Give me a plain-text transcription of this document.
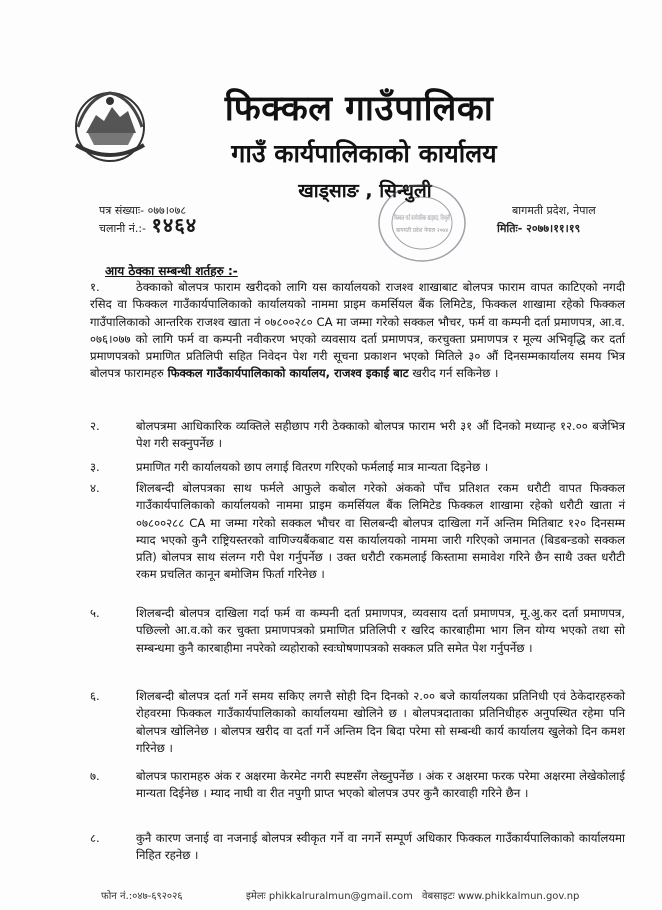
फिक्कल गाउँपालिका
गाउँ कार्यपालिकाको कार्यालय
खाड्साङ , सिन्धुली
पत्र संख्याः- ०७७।०७८
चलानी नं.:- १४६४
बागमती प्रदेश, नेपाल
मितिः- २०७७।११।१९
फिक्कल गाउँ कार्यपालिका खाड्साङ, सिन्धुली
बागमती प्रदेश नेपाल २०७४
आय ठेक्का सम्बन्धी शर्तहरु :-
१.	ठेक्काको बोलपत्र फाराम खरीदको लागि यस कार्यालयको राजश्व शाखाबाट बोलपत्र फाराम वापत काटिएको नगदी रसिद वा फिक्कल गाउँकार्यपालिकाको कार्यालयको नाममा प्राइम कमर्सियल बैंक लिमिटेड, फिक्कल शाखामा रहेको फिक्कल गाउँपालिकाको आन्तरिक राजश्व खाता नं ०७८००२८० CA मा जम्मा गरेको सक्कल भौचर, फर्म वा कम्पनी दर्ता प्रमाणपत्र, आ.व. ०७६।०७७ को लागि फर्म वा कम्पनी नवीकरण भएको व्यवसाय दर्ता प्रमाणपत्र, करचुक्ता प्रमाणपत्र र मूल्य अभिवृद्धि कर दर्ता प्रमाणपत्रको प्रमाणित प्रतिलिपी सहित निवेदन पेश गरी सूचना प्रकाशन भएको मितिले ३० औं दिनसम्मकार्यालय समय भित्र बोलपत्र फारामहरु फिक्कल गाउँकार्यपालिकाको कार्यालय, राजश्व इकाई बाट खरीद गर्न सकिनेछ ।
२.	बोलपत्रमा आधिकारिक व्यक्तिले सहीछाप गरी ठेक्काको बोलपत्र फाराम भरी ३१ औं दिनको मध्यान्ह १२.०० बजेभित्र पेश गरी सक्नुपर्नेछ ।
३.	प्रमाणित गरी कार्यालयको छाप लगाई वितरण गरिएको फर्मलाई मात्र मान्यता दिइनेछ ।
४.	शिलबन्दी बोलपत्रका साथ फर्मले आफुले कबोल गरेको अंकको पाँच प्रतिशत रकम धरौटी वापत फिक्कल गाउँकार्यपालिकाको कार्यालयको नाममा प्राइम कमर्सियल बैंक लिमिटेड फिक्कल शाखामा रहेको धरौटी खाता नं ०७८००२८८ CA मा जम्मा गरेको सक्कल भौचर वा सिलबन्दी बोलपत्र दाखिला गर्ने अन्तिम मितिबाट १२० दिनसम्म म्याद भएको कुनै राष्ट्रियस्तरको वाणिज्यबैंकबाट यस कार्यालयको नाममा जारी गरिएको जमानत (बिडबन्डको सक्कल प्रति) बोलपत्र साथ संलग्न गरी पेश गर्नुपर्नेछ । उक्त धरौटी रकमलाई किस्तामा समावेश गरिने छैन साथै उक्त धरौटी रकम प्रचलित कानून बमोजिम फिर्ता गरिनेछ ।
५.	शिलबन्दी बोलपत्र दाखिला गर्दा फर्म वा कम्पनी दर्ता प्रमाणपत्र, व्यवसाय दर्ता प्रमाणपत्र, मू.अु.कर दर्ता प्रमाणपत्र, पछिल्लो आ.व.को कर चुक्ता प्रमाणपत्रको प्रमाणित प्रतिलिपी र खरिद कारबाहीमा भाग लिन योग्य भएको तथा सो सम्बन्धमा कुनै कारबाहीमा नपरेको व्यहोराको स्वःघोषणापत्रको सक्कल प्रति समेत पेश गर्नुपर्नेछ ।
६.	शिलबन्दी बोलपत्र दर्ता गर्ने समय सकिए लगत्तै सोही दिन दिनको २.०० बजे कार्यालयका प्रतिनिधी एवं ठेकेदारहरुको रोहवरमा फिक्कल गाउँकार्यपालिकाको कार्यालयमा खोलिने छ । बोलपत्रदाताका प्रतिनिधीहरु अनुपस्थित रहेमा पनि बोलपत्र खोलिनेछ । बोलपत्र खरीद वा दर्ता गर्ने अन्तिम दिन बिदा परेमा सो सम्बन्धी कार्य कार्यालय खुलेको दिन कमश गरिनेछ ।
७.	बोलपत्र फारामहरु अंक र अक्षरमा केरमेट नगरी स्पष्टसँग लेख्नुपर्नेछ । अंक र अक्षरमा फरक परेमा अक्षरमा लेखेकोलाई मान्यता दिईनेछ । म्याद नाघी वा रीत नपुगी प्राप्त भएको बोलपत्र उपर कुनै कारवाही गरिने छैन ।
८.	कुनै कारण जनाई वा नजनाई बोलपत्र स्वीकृत गर्ने वा नगर्ने सम्पूर्ण अधिकार फिक्कल गाउँकार्यपालिकाको कार्यालयमा निहित रहनेछ ।
फोन नं.:०४७-६९२०२६	इमेलः phikkalruralmun@gmail.com वेबसाइटः www.phikkalmun.gov.np
